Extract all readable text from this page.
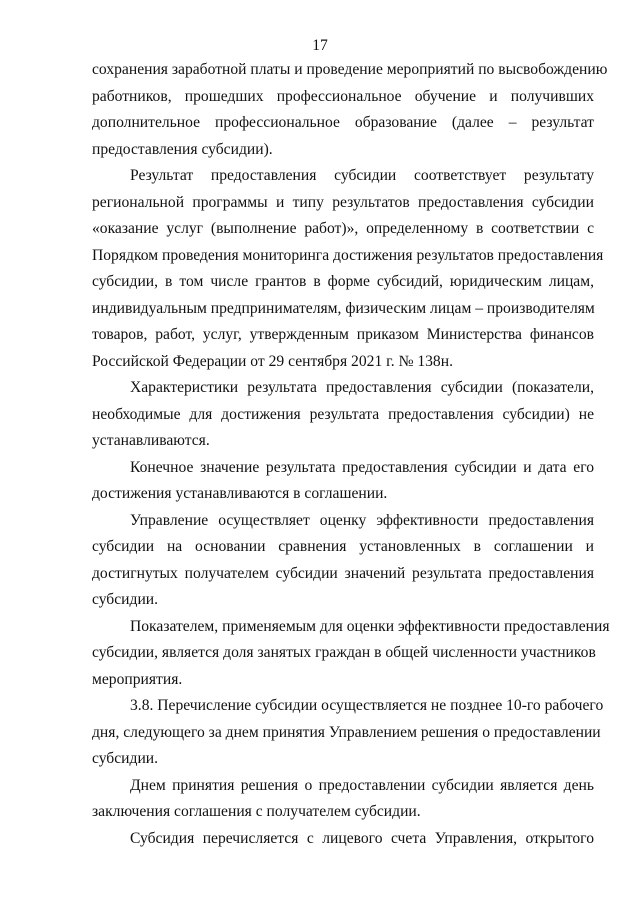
17
сохранения заработной платы и проведение мероприятий по высвобождению
работников, прошедших профессиональное обучение и получивших
дополнительное профессиональное образование (далее – результат
предоставления субсидии).
Результат предоставления субсидии соответствует результату
региональной программы и типу результатов предоставления субсидии
«оказание услуг (выполнение работ)», определенному в соответствии с
Порядком проведения мониторинга достижения результатов предоставления
субсидии, в том числе грантов в форме субсидий, юридическим лицам,
индивидуальным предпринимателям, физическим лицам – производителям
товаров, работ, услуг, утвержденным приказом Министерства финансов
Российской Федерации от 29 сентября 2021 г. № 138н.
Характеристики результата предоставления субсидии (показатели,
необходимые для достижения результата предоставления субсидии) не
устанавливаются.
Конечное значение результата предоставления субсидии и дата его
достижения устанавливаются в соглашении.
Управление осуществляет оценку эффективности предоставления
субсидии на основании сравнения установленных в соглашении и
достигнутых получателем субсидии значений результата предоставления
субсидии.
Показателем, применяемым для оценки эффективности предоставления
субсидии, является доля занятых граждан в общей численности участников
мероприятия.
3.8. Перечисление субсидии осуществляется не позднее 10-го рабочего
дня, следующего за днем принятия Управлением решения о предоставлении
субсидии.
Днем принятия решения о предоставлении субсидии является день
заключения соглашения с получателем субсидии.
Субсидия перечисляется с лицевого счета Управления, открытого
